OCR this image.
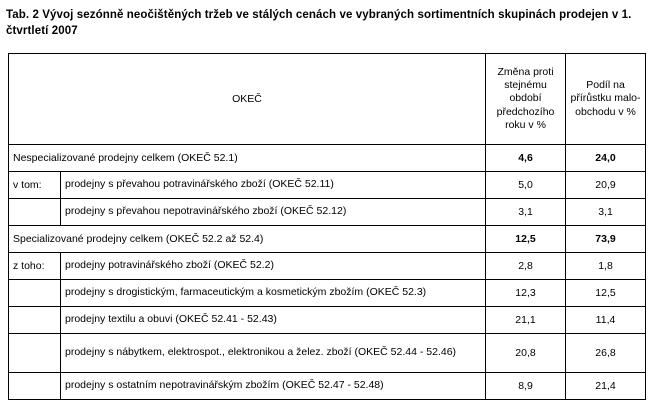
Tab. 2 Vývoj sezónně neočištěných tržeb ve stálých cenách ve vybraných sortimentních skupinách prodejen v 1. čtvrtletí 2007
OKEČ		Změna proti stejnému období předchozího roku v %	Podíl na přírůstku malo- obchodu v %
Nespecializované prodejny celkem (OKEČ 52.1)		4,6	24,0
v tom:	prodejny s převahou potravinářského zboží (OKEČ 52.11)	5,0	20,9
	prodejny s převahou nepotravinářského zboží (OKEČ 52.12)	3,1	3,1
Specializované prodejny celkem (OKEČ 52.2 až 52.4)		12,5	73,9
z toho:	prodejny potravinářského zboží (OKEČ 52.2)	2,8	1,8
	prodejny s drogistickým, farmaceutickým a kosmetickým zbožím (OKEČ 52.3)	12,3	12,5
	prodejny textilu a obuvi (OKEČ 52.41 - 52.43)	21,1	11,4
	prodejny s nábytkem, elektrospot., elektronikou a želez. zboží (OKEČ 52.44 - 52.46)	20,8	26,8
	prodejny s ostatním nepotravinářským zbožím (OKEČ 52.47 - 52.48)	8,9	21,4
